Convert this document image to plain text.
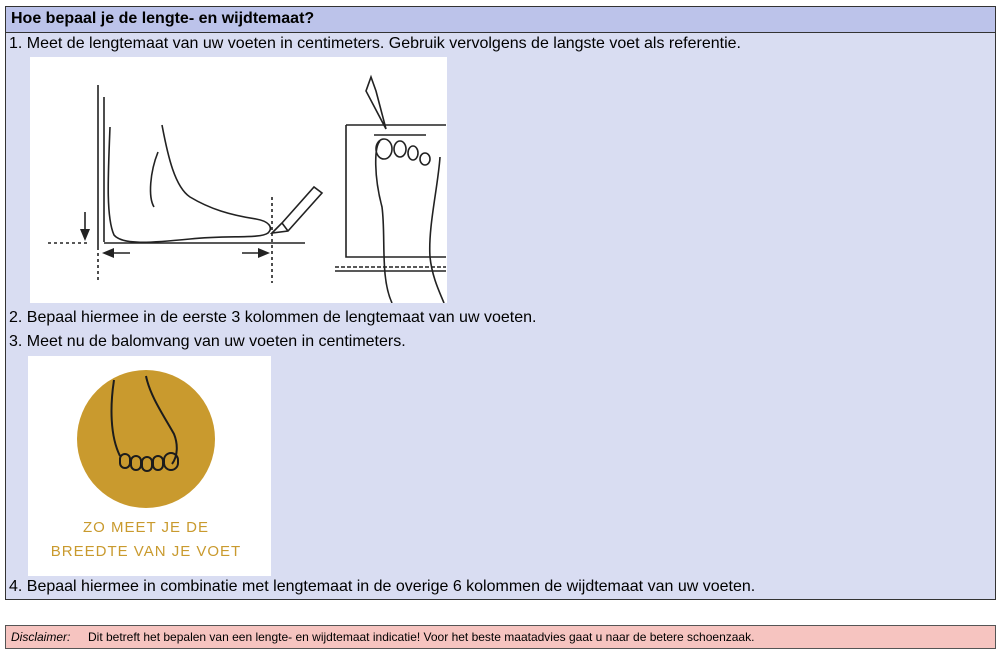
Hoe bepaal je de lengte- en wijdtemaat?
1. Meet de lengtemaat van uw voeten in centimeters. Gebruik vervolgens de langste voet als referentie.
2. Bepaal hiermee in de eerste 3 kolommen de lengtemaat van uw voeten.
3. Meet nu de balomvang van uw voeten in centimeters.
ZO MEET JE DE
BREEDTE VAN JE VOET
4. Bepaal hiermee in combinatie met lengtemaat in de overige 6 kolommen de wijdtemaat van uw voeten.
Disclaimer: Dit betreft het bepalen van een lengte- en wijdtemaat indicatie! Voor het beste maatadvies gaat u naar de betere schoenzaak.
